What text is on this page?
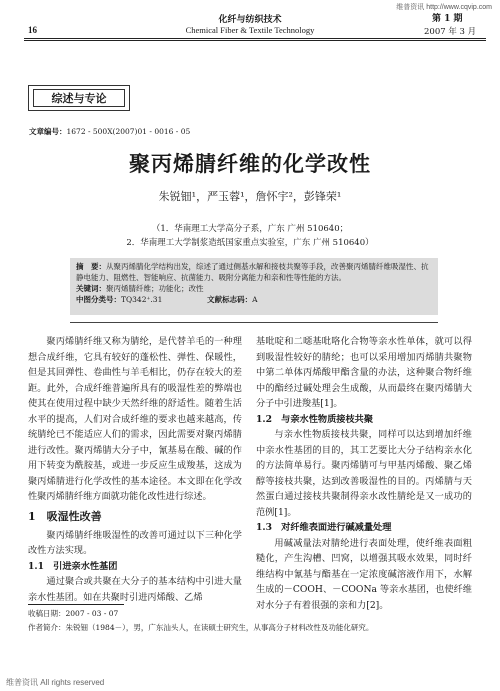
维普资讯 http://www.cqvip.com
化纤与纺织技术
Chemical Fiber & Textile Technology
16
第 1 期
2007 年 3 月
综述与专论
文章编号：1672 - 500X(2007)01 - 0016 - 05
聚丙烯腈纤维的化学改性
朱锐钿¹，严玉蓉¹，詹怀宇²，彭锋荣¹
（1．华南理工大学高分子系，广东 广州 510640；
2．华南理工大学制浆造纸国家重点实验室，广东 广州 510640）
摘　要：从聚丙烯腈化学结构出发，综述了通过侧基水解和接枝共聚等手段，改善聚丙烯腈纤维吸湿性、抗静电能力、阻燃性、智能响应、抗菌能力、吸附分离能力和亲和性等性能的方法。
关键词：聚丙烯腈纤维；功能化；改性
中图分类号：TQ342⁺.31	文献标志码：A

聚丙烯腈纤维又称为腈纶，是代替羊毛的一种理想合成纤维，它具有较好的蓬松性、弹性、保暖性，但是其回弹性、卷曲性与羊毛相比，仍存在较大的差距。此外，合成纤维普遍所具有的吸湿性差的弊端也使其在使用过程中缺少天然纤维的舒适性。随着生活水平的提高，人们对合成纤维的要求也越来越高，传统腈纶已不能适应人们的需求，因此需要对聚丙烯腈进行改性。聚丙烯腈大分子中，氰基易在酸、碱的作用下转变为酰胺基，或进一步反应生成羧基，这成为聚丙烯腈进行化学改性的基本途径。本文即在化学改性聚丙烯腈纤维方面就功能化改性进行综述。

1　吸湿性改善

聚丙烯腈纤维吸湿性的改善可通过以下三种化学改性方法实现。

1.1　引进亲水性基团

通过聚合或共聚在大分子的基本结构中引进大量亲水性基团。如在共聚时引进丙烯酸、乙烯

基吡啶和二噁基吡咯化合物等亲水性单体，就可以得到吸湿性较好的腈纶；也可以采用增加丙烯腈共聚物中第二单体丙烯酸甲酯含量的办法，这种聚合物纤维中的酯经过碱处理会生成酸，从而最终在聚丙烯腈大分子中引进羧基[1]。

1.2　与亲水性物质接枝共聚

与亲水性物质接枝共聚，同样可以达到增加纤维中亲水性基团的目的，其工艺要比大分子结构亲水化的方法简单易行。聚丙烯腈可与甲基丙烯酸、聚乙烯醇等接枝共聚，达到改善吸湿性的目的。丙烯腈与天然蛋白通过接枝共聚制得亲水改性腈纶是又一成功的范例[1]。

1.3　对纤维表面进行碱减量处理

用碱减量法对腈纶进行表面处理，使纤维表面粗糙化，产生沟槽、凹窝，以增强其吸水效果，同时纤维结构中氰基与酯基在一定浓度碱溶液作用下，水解生成的－COOH、－COONa 等亲水基团，也使纤维对水分子有着很强的亲和力[2]。

收稿日期：2007 - 03 - 07
作者简介：朱锐钿（1984－），男，广东汕头人，在读硕士研究生，从事高分子材料改性及功能化研究。
维普资讯 All rights reserved
